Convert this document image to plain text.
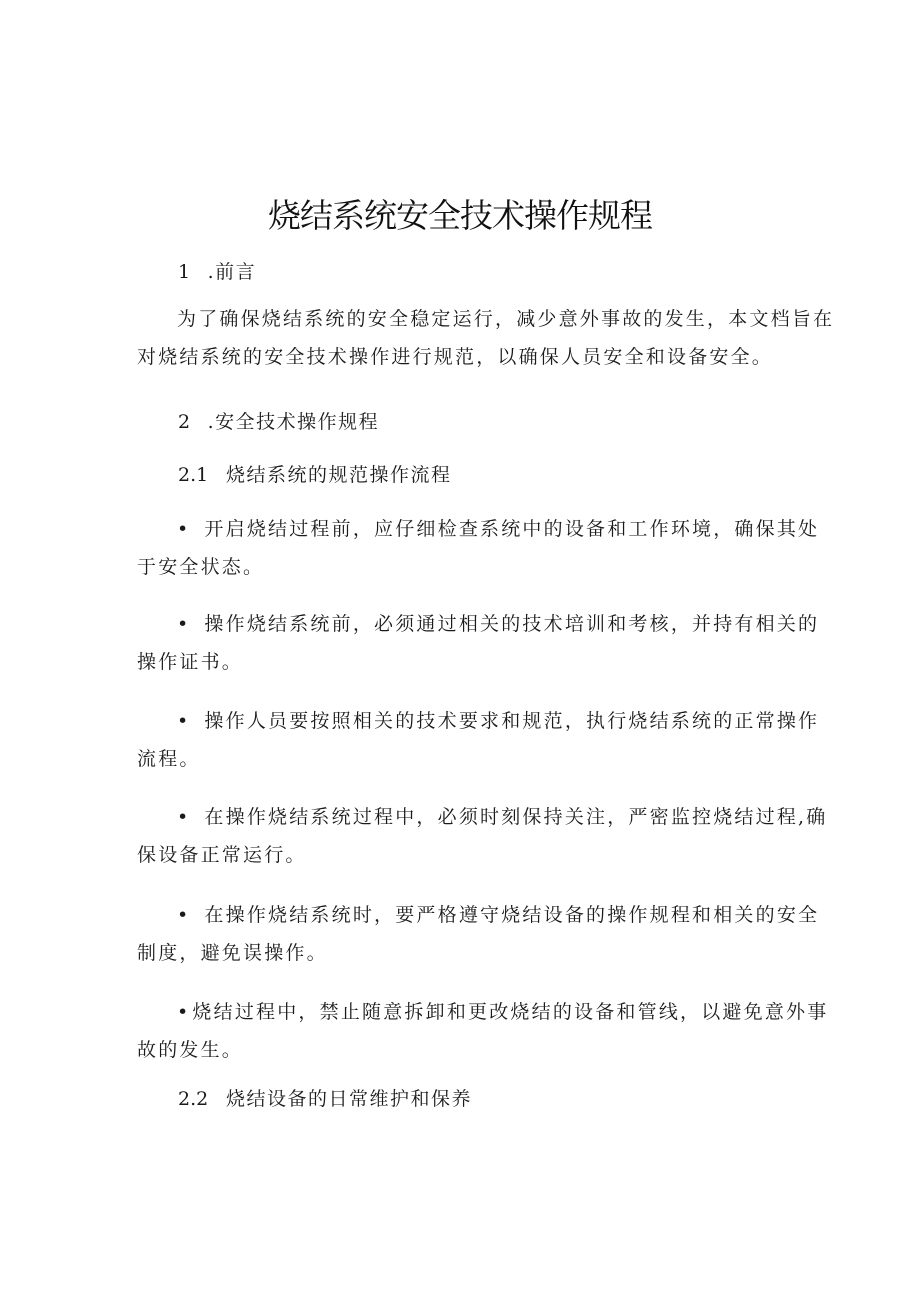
烧结系统安全技术操作规程
1 .前言
为了确保烧结系统的安全稳定运行，减少意外事故的发生，本文档旨在
对烧结系统的安全技术操作进行规范，以确保人员安全和设备安全。
2 .安全技术操作规程
2.1 烧结系统的规范操作流程
• 开启烧结过程前，应仔细检查系统中的设备和工作环境，确保其处
于安全状态。
• 操作烧结系统前，必须通过相关的技术培训和考核，并持有相关的
操作证书。
• 操作人员要按照相关的技术要求和规范，执行烧结系统的正常操作
流程。
• 在操作烧结系统过程中，必须时刻保持关注，严密监控烧结过程,确
保设备正常运行。
• 在操作烧结系统时，要严格遵守烧结设备的操作规程和相关的安全
制度，避免误操作。
• 烧结过程中，禁止随意拆卸和更改烧结的设备和管线，以避免意外事
故的发生。
2.2 烧结设备的日常维护和保养
